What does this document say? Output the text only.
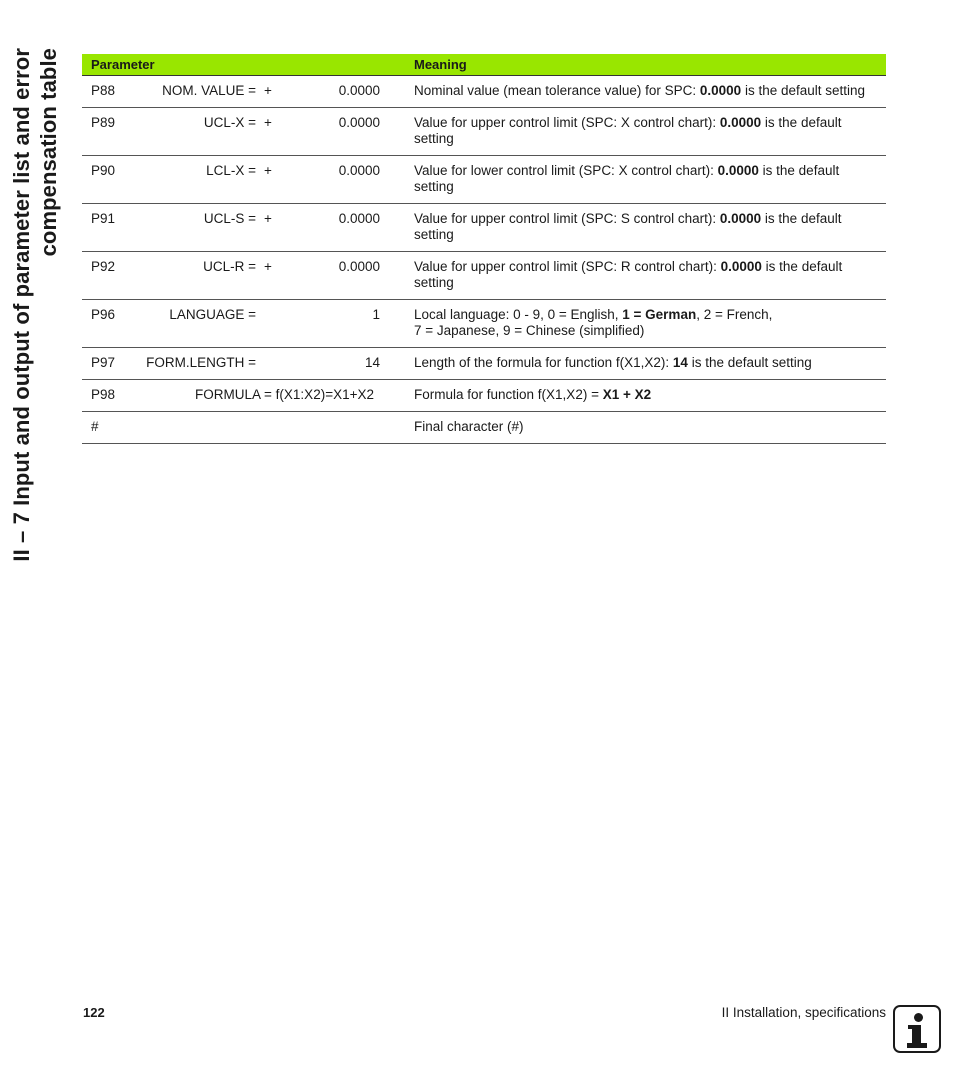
II – 7 Input and output of parameter list and error compensation table Parameter				Meaning
P88	NOM. VALUE =	+	0.0000	Nominal value (mean tolerance value) for SPC: 0.0000 is the default setting
P89	UCL-X =	+	0.0000	Value for upper control limit (SPC: X control chart): 0.0000 is the default setting
P90	LCL-X =	+	0.0000	Value for lower control limit (SPC: X control chart): 0.0000 is the default setting
P91	UCL-S =	+	0.0000	Value for upper control limit (SPC: S control chart): 0.0000 is the default setting
P92	UCL-R =	+	0.0000	Value for upper control limit (SPC: R control chart): 0.0000 is the default setting
P96	LANGUAGE =		1	Local language: 0 - 9, 0 = English, 1 = German, 2 = French,
7 = Japanese, 9 = Chinese (simplified)
P97	FORM.LENGTH =		14	Length of the formula for function f(X1,X2): 14 is the default setting
P98	FORMULA = f(X1:X2)=X1+X2			Formula for function f(X1,X2) = X1 + X2
#				Final character (#)
122	II Installation, specifications
